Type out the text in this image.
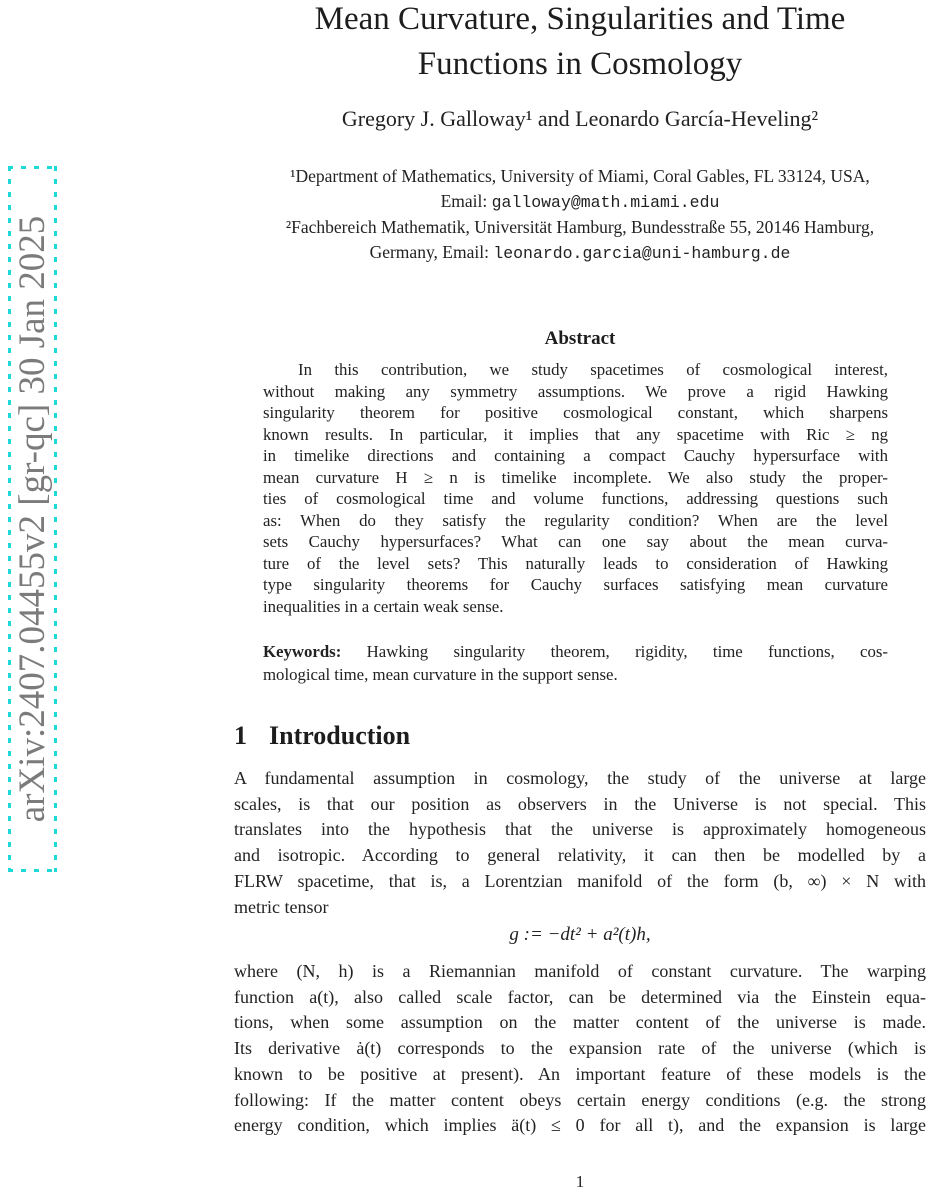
arXiv:2407.04455v2 [gr-qc] 30 Jan 2025
Mean Curvature, Singularities and Time
Functions in Cosmology
Gregory J. Galloway¹ and Leonardo García-Heveling²
¹Department of Mathematics, University of Miami, Coral Gables, FL 33124, USA,
Email: galloway@math.miami.edu
²Fachbereich Mathematik, Universität Hamburg, Bundesstraße 55, 20146 Hamburg,
Germany, Email: leonardo.garcia@uni-hamburg.de
Abstract
In this contribution, we study spacetimes of cosmological interest,
without making any symmetry assumptions. We prove a rigid Hawking
singularity theorem for positive cosmological constant, which sharpens
known results. In particular, it implies that any spacetime with Ric ≥ ng
in timelike directions and containing a compact Cauchy hypersurface with
mean curvature H ≥ n is timelike incomplete. We also study the proper-
ties of cosmological time and volume functions, addressing questions such
as: When do they satisfy the regularity condition? When are the level
sets Cauchy hypersurfaces? What can one say about the mean curva-
ture of the level sets? This naturally leads to consideration of Hawking
type singularity theorems for Cauchy surfaces satisfying mean curvature
inequalities in a certain weak sense.
Keywords: Hawking singularity theorem, rigidity, time functions, cos-
mological time, mean curvature in the support sense.
1 Introduction
A fundamental assumption in cosmology, the study of the universe at large
scales, is that our position as observers in the Universe is not special. This
translates into the hypothesis that the universe is approximately homogeneous
and isotropic. According to general relativity, it can then be modelled by a
FLRW spacetime, that is, a Lorentzian manifold of the form (b, ∞) × N with
metric tensor
g := −dt² + a²(t)h,
where (N, h) is a Riemannian manifold of constant curvature. The warping
function a(t), also called scale factor, can be determined via the Einstein equa-
tions, when some assumption on the matter content of the universe is made.
Its derivative ȧ(t) corresponds to the expansion rate of the universe (which is
known to be positive at present). An important feature of these models is the
following: If the matter content obeys certain energy conditions (e.g. the strong
energy condition, which implies ä(t) ≤ 0 for all t), and the expansion is large
1
